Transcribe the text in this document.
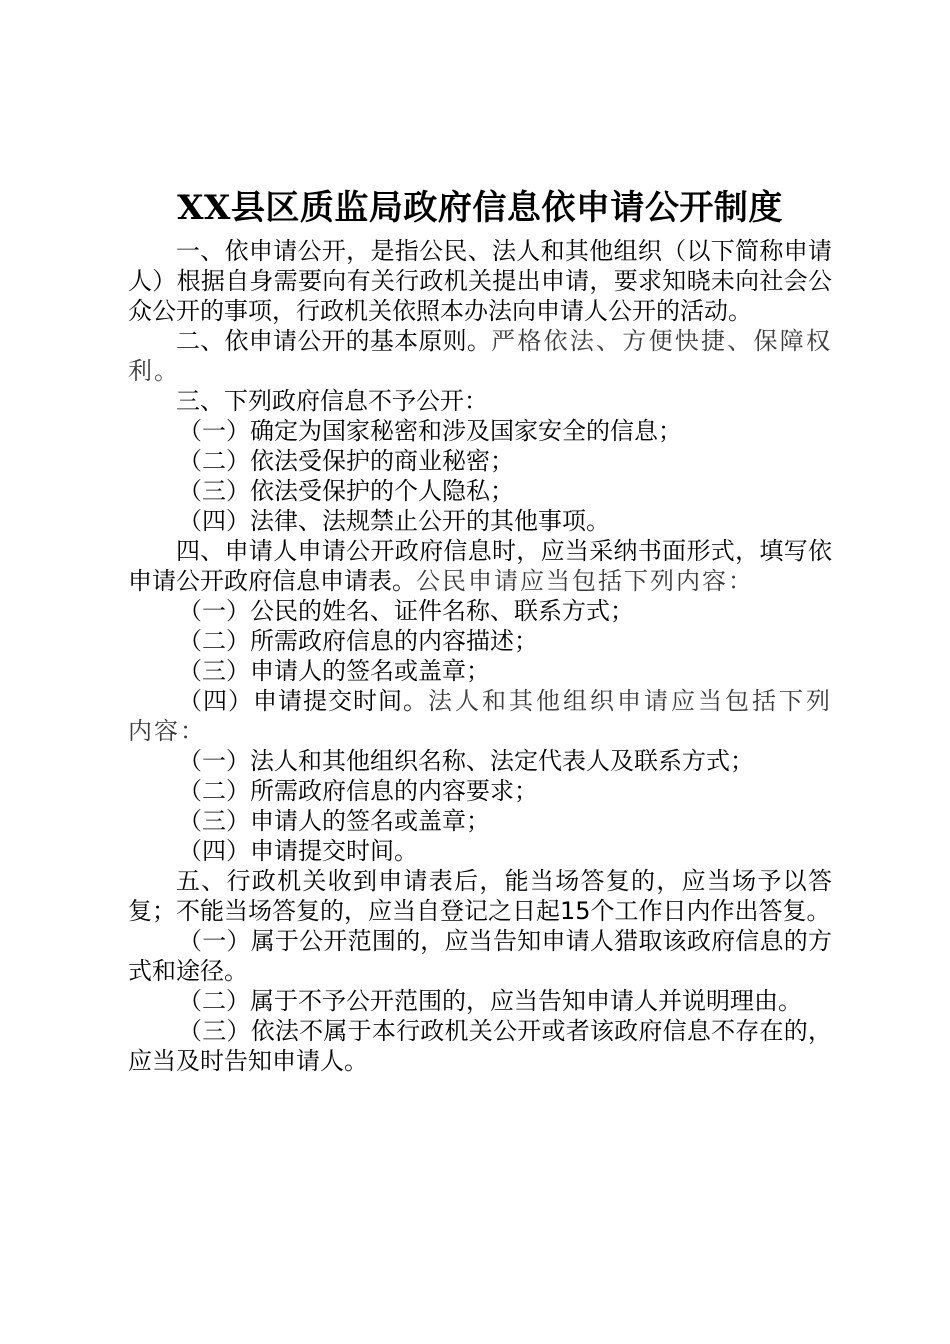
XX县区质监局政府信息依申请公开制度

一、依申请公开，是指公民、法人和其他组织（以下简称申请人）根据自身需要向有关行政机关提出申请，要求知晓未向社会公众公开的事项，行政机关依照本办法向申请人公开的活动。

二、依申请公开的基本原则。严格依法、方便快捷、保障权利。

三、下列政府信息不予公开：

（一）确定为国家秘密和涉及国家安全的信息；

（二）依法受保护的商业秘密；

（三）依法受保护的个人隐私；

（四）法律、法规禁止公开的其他事项。

四、申请人申请公开政府信息时，应当采纳书面形式，填写依申请公开政府信息申请表。公民申请应当包括下列内容：

（一）公民的姓名、证件名称、联系方式；

（二）所需政府信息的内容描述；

（三）申请人的签名或盖章；

（四）申请提交时间。法人和其他组织申请应当包括下列内容：

（一）法人和其他组织名称、法定代表人及联系方式；

（二）所需政府信息的内容要求；

（三）申请人的签名或盖章；

（四）申请提交时间。

五、行政机关收到申请表后，能当场答复的，应当场予以答复；不能当场答复的，应当自登记之日起15个工作日内作出答复。

（一）属于公开范围的，应当告知申请人猎取该政府信息的方式和途径。

（二）属于不予公开范围的，应当告知申请人并说明理由。

（三）依法不属于本行政机关公开或者该政府信息不存在的，应当及时告知申请人。
